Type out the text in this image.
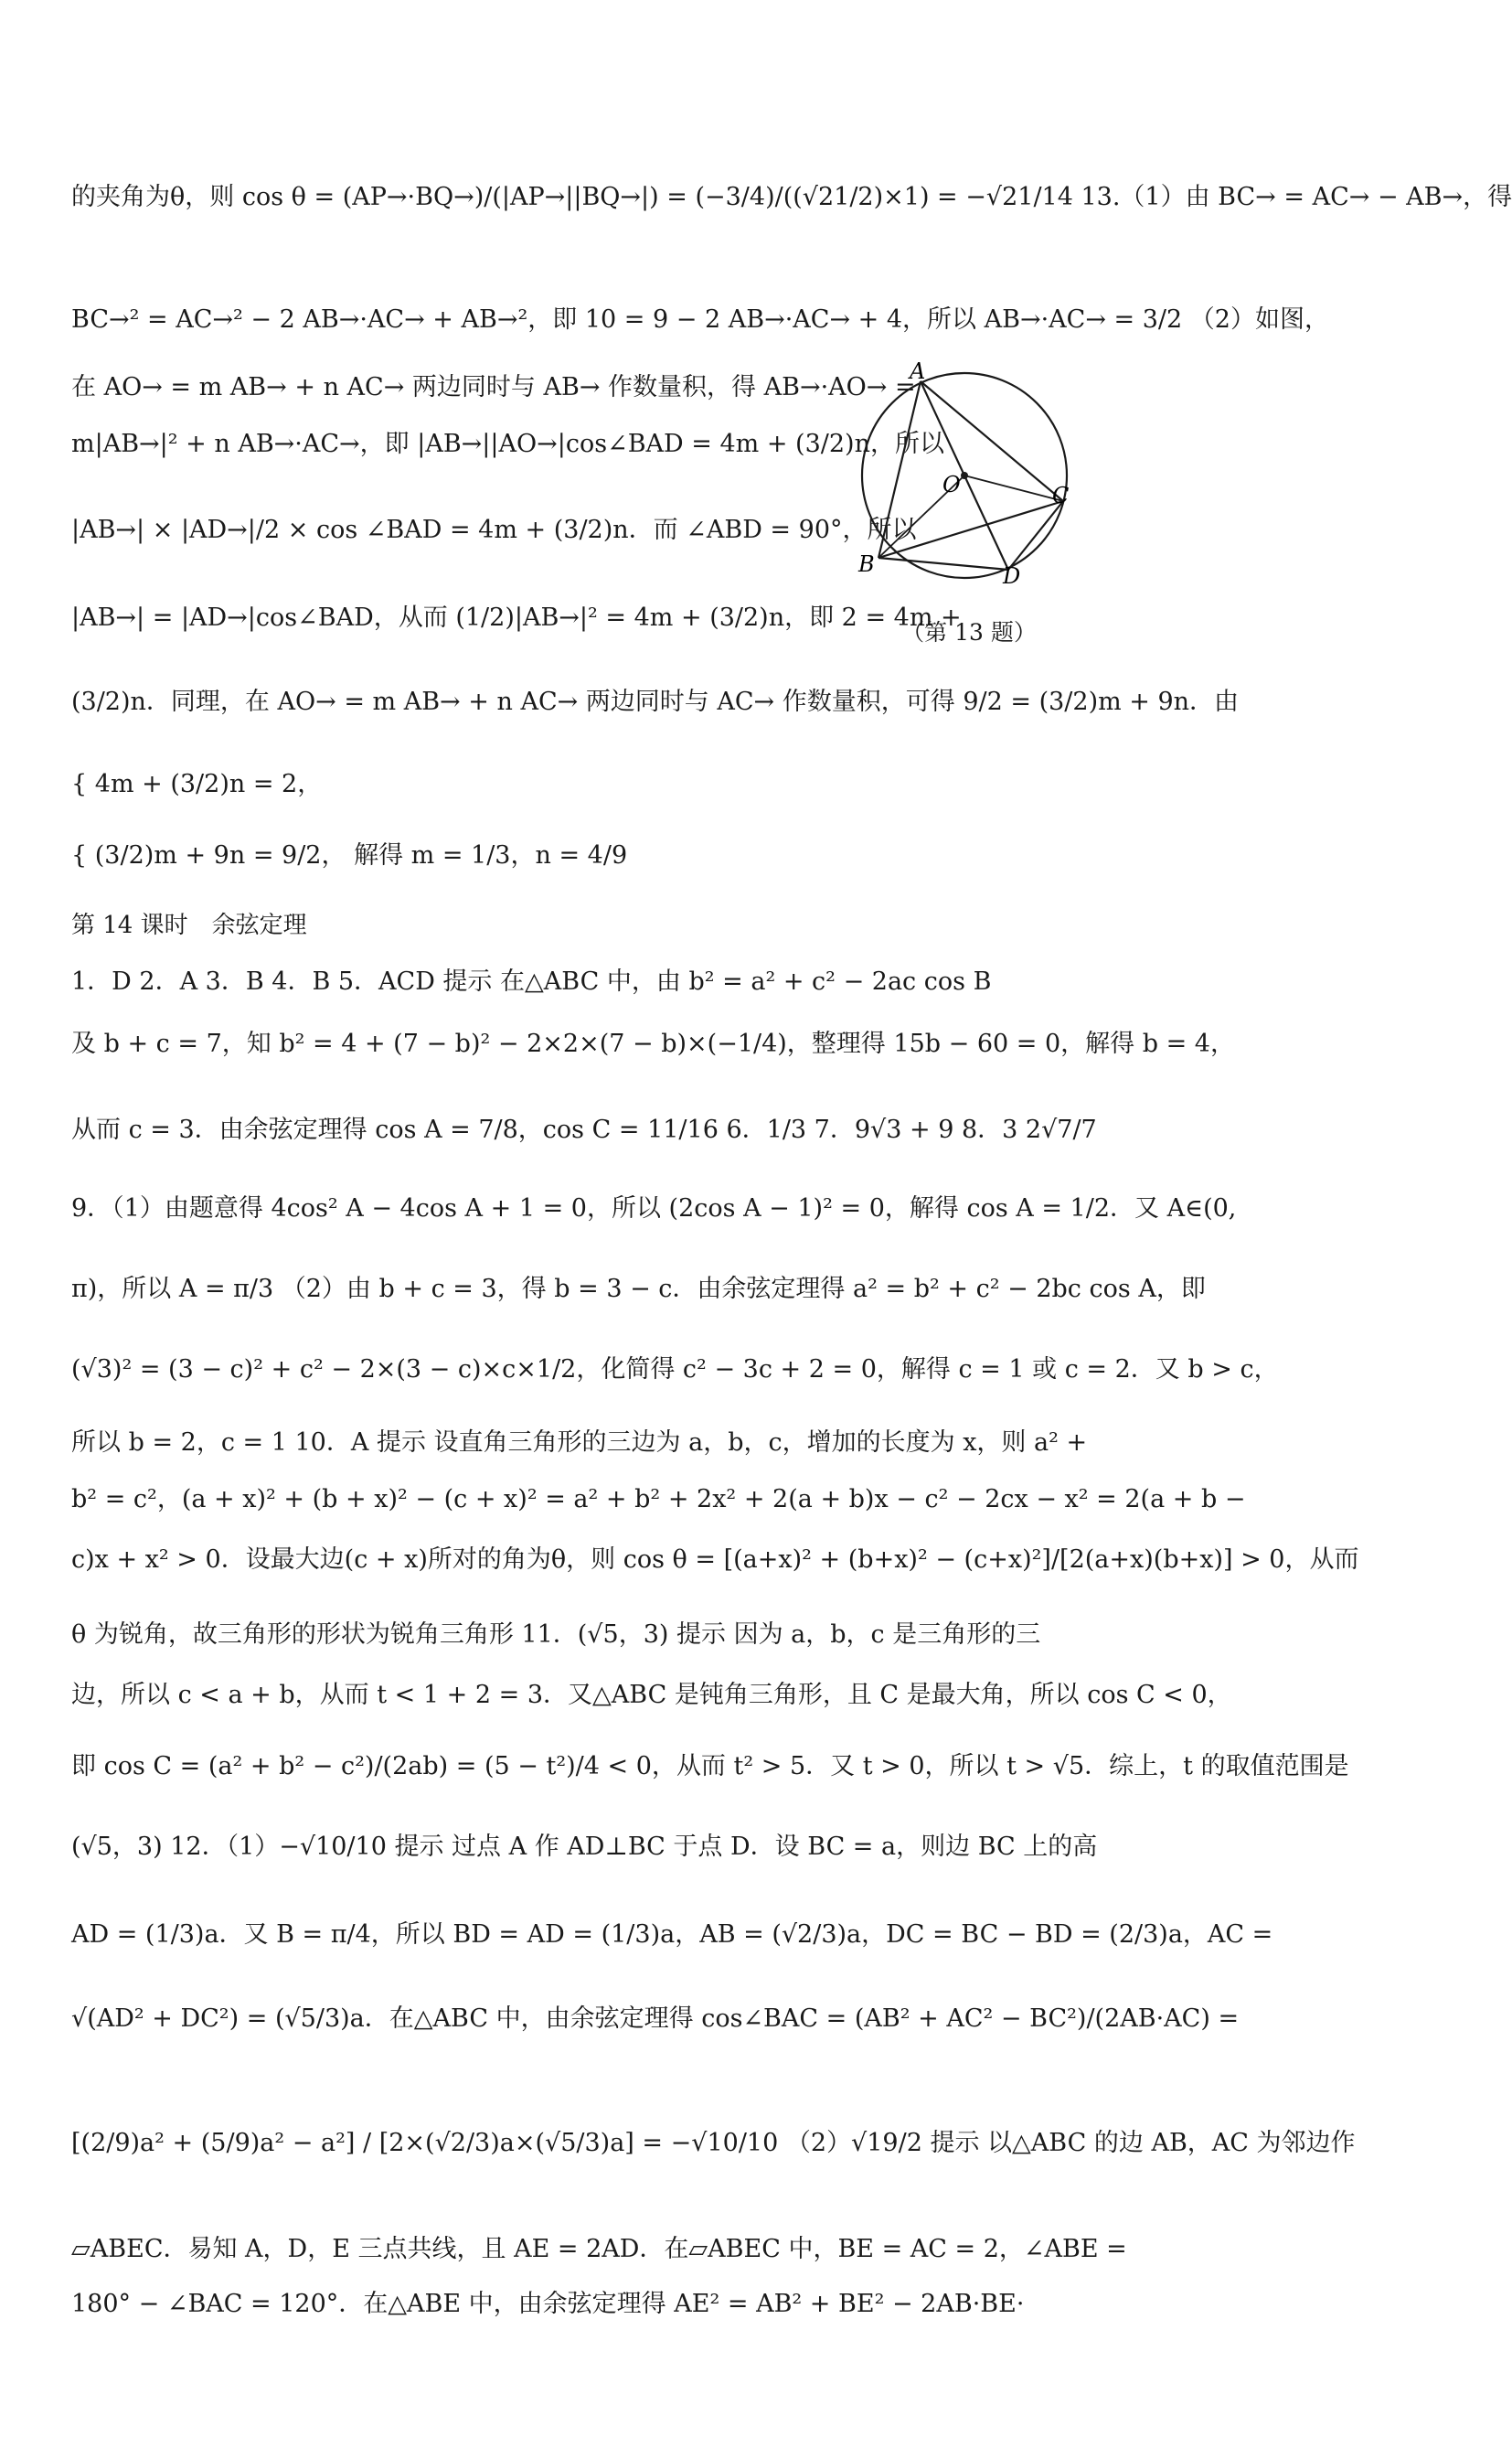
的夹角为θ，则 cos θ = (AP→·BQ→)/(|AP→||BQ→|) = (−3/4)/((√21/2)×1) = −√21/14 13.（1）由 BC→ = AC→ − AB→，得
BC→² = AC→² − 2 AB→·AC→ + AB→²，即 10 = 9 − 2 AB→·AC→ + 4，所以 AB→·AC→ = 3/2 （2）如图，
在 AO→ = m AB→ + n AC→ 两边同时与 AB→ 作数量积，得 AB→·AO→ =
m|AB→|² + n AB→·AC→，即 |AB→||AO→|cos∠BAD = 4m + (3/2)n，所以
|AB→| × |AD→|/2 × cos ∠BAD = 4m + (3/2)n．而 ∠ABD = 90°，所以
|AB→| = |AD→|cos∠BAD，从而 (1/2)|AB→|² = 4m + (3/2)n，即 2 = 4m +
(3/2)n．同理，在 AO→ = m AB→ + n AC→ 两边同时与 AC→ 作数量积，可得 9/2 = (3/2)m + 9n．由
{ 4m + (3/2)n = 2，
{ (3/2)m + 9n = 9/2， 解得 m = 1/3，n = 4/9
A
O
B
C
D
（第 13 题）
第 14 课时　余弦定理
1．D 2．A 3．B 4．B 5．ACD 提示 在△ABC 中，由 b² = a² + c² − 2ac cos B
及 b + c = 7，知 b² = 4 + (7 − b)² − 2×2×(7 − b)×(−1/4)，整理得 15b − 60 = 0，解得 b = 4，
从而 c = 3．由余弦定理得 cos A = 7/8，cos C = 11/16 6．1/3 7．9√3 + 9 8．3 2√7/7
9．（1）由题意得 4cos² A − 4cos A + 1 = 0，所以 (2cos A − 1)² = 0，解得 cos A = 1/2．又 A∈(0,
π)，所以 A = π/3 （2）由 b + c = 3，得 b = 3 − c．由余弦定理得 a² = b² + c² − 2bc cos A，即
(√3)² = (3 − c)² + c² − 2×(3 − c)×c×1/2，化简得 c² − 3c + 2 = 0，解得 c = 1 或 c = 2．又 b > c，
所以 b = 2，c = 1 10．A 提示 设直角三角形的三边为 a，b，c，增加的长度为 x，则 a² +
b² = c²，(a + x)² + (b + x)² − (c + x)² = a² + b² + 2x² + 2(a + b)x − c² − 2cx − x² = 2(a + b −
c)x + x² > 0．设最大边(c + x)所对的角为θ，则 cos θ = [(a+x)² + (b+x)² − (c+x)²]/[2(a+x)(b+x)] > 0，从而
θ 为锐角，故三角形的形状为锐角三角形 11．(√5，3) 提示 因为 a，b，c 是三角形的三
边，所以 c < a + b，从而 t < 1 + 2 = 3．又△ABC 是钝角三角形，且 C 是最大角，所以 cos C < 0，
即 cos C = (a² + b² − c²)/(2ab) = (5 − t²)/4 < 0，从而 t² > 5．又 t > 0，所以 t > √5．综上，t 的取值范围是
(√5，3) 12．（1）−√10/10 提示 过点 A 作 AD⊥BC 于点 D．设 BC = a，则边 BC 上的高
AD = (1/3)a．又 B = π/4，所以 BD = AD = (1/3)a，AB = (√2/3)a，DC = BC − BD = (2/3)a，AC =
√(AD² + DC²) = (√5/3)a．在△ABC 中，由余弦定理得 cos∠BAC = (AB² + AC² − BC²)/(2AB·AC) =
[(2/9)a² + (5/9)a² − a²] / [2×(√2/3)a×(√5/3)a] = −√10/10 （2）√19/2 提示 以△ABC 的边 AB，AC 为邻边作
▱ABEC．易知 A，D，E 三点共线，且 AE = 2AD．在▱ABEC 中，BE = AC = 2，∠ABE =
180° − ∠BAC = 120°．在△ABE 中，由余弦定理得 AE² = AB² + BE² − 2AB·BE·
